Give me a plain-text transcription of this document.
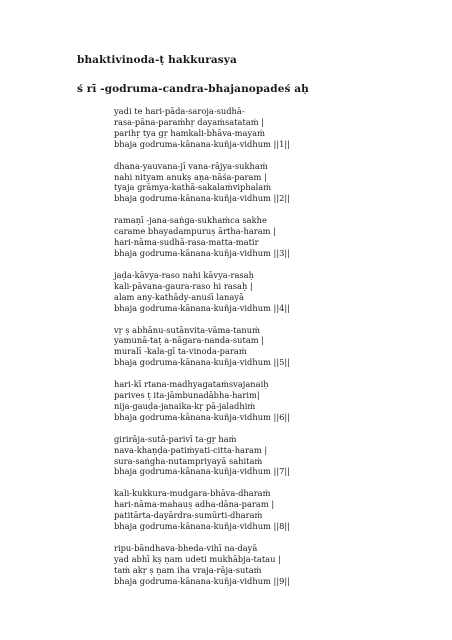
bhaktivinoda-ṭ hakkurasya
ś rī -godruma-candra-bhajanopadeś aḥ
yadi te hari-pāda-saroja-sudhā-
rasa-pāna-paraṁhṛ dayaṁsatataṁ |
parihṛ tya gṛ hamkali-bhāva-mayaṁ
bhaja godruma-kānana-kuñja-vidhum ||1||
dhana-yauvana-jī vana-rājya-sukhaṁ
nahi nityam anukṣ aṇa-nāśa-param |
tyaja grāmya-kathā-sakalaṁviphalaṁ
bhaja godruma-kānana-kuñja-vidhum ||2||
ramaṇī -jana-saṅga-sukhaṁca sakhe
carame bhayadampuruṣ ārtha-haram |
hari-nāma-sudhā-rasa-matta-matir
bhaja godruma-kānana-kuñja-vidhum ||3||
jaḍa-kāvya-raso nahi kāvya-rasaḥ
kali-pāvana-gaura-raso hi rasaḥ |
alam any-kathādy-anuśī lanayā
bhaja godruma-kānana-kuñja-vidhum ||4||
vṛ ṣ abhānu-sutānvita-vāma-tanuṁ
yamunā-taṭ a-nāgara-nanda-sutam |
muralī -kala-gī ta-vinoda-paraṁ
bhaja godruma-kānana-kuñja-vidhum ||5||
hari-kī rtana-madhyagataṁsvajanaiḥ
parives ṭ ita-jāmbunadābha-harim|
nija-gauḍa-janaika-kṛ pā-jaladhiṁ
bhaja godruma-kānana-kuñja-vidhum ||6||
girirāja-sutā-parivī ta-gṛ haṁ
nava-khaṇḍa-patiṁyati-citta-haram |
sura-saṅgha-nutampriyayā sahitaṁ
bhaja godruma-kānana-kuñja-vidhum ||7||
kali-kukkura-mudgara-bhāva-dharaṁ
hari-nāma-mahauṣ adha-dāna-param |
patitārta-dayārdra-sumūrti-dharaṁ
bhaja godruma-kānana-kuñja-vidhum ||8||
ripu-bāndhava-bheda-vihī na-dayā
yad abhī kṣ ṇam udeti mukhābja-tatau |
taṁ akṛ ṣ ṇam iha vraja-rāja-sutaṁ
bhaja godruma-kānana-kuñja-vidhum ||9||
